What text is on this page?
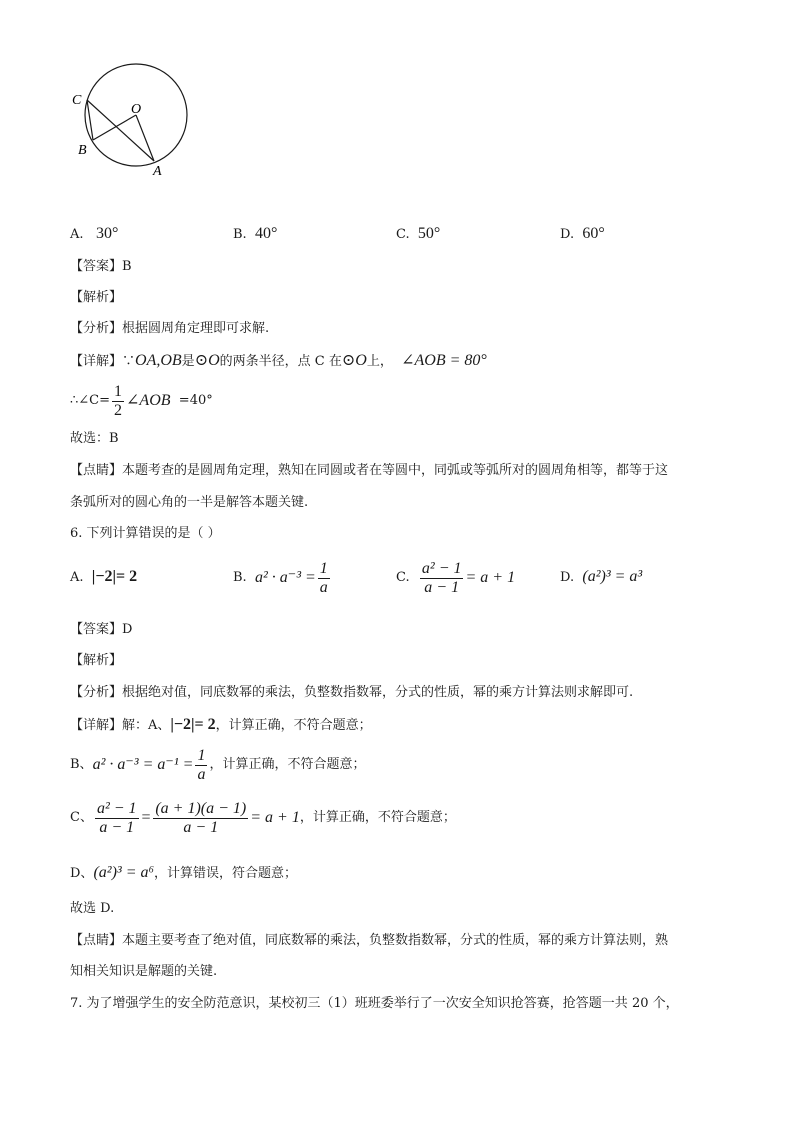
C
O
B
A
A. 30°	B. 40°	C. 50°	D. 60°
【答案】B
【解析】
【分析】根据圆周角定理即可求解.
【详解】∵OA,OB是⊙O的两条半径，点 C 在⊙O上， ∠AOB = 80°
∴∠C= $\frac{1}{2}$ ∠AOB =40°
故选：B
【点睛】本题考查的是圆周角定理，熟知在同圆或者在等圆中，同弧或等弧所对的圆周角相等，都等于这
条弧所对的圆心角的一半是解答本题关键.
6. 下列计算错误的是（ ）
A. |−2|= 2	B. $a^2 \cdot a^{-3} = \frac{1}{a}$	C. $\frac{\text{a² − 1}}{a - 1} = a + 1$	D. (a²)³ = a³
【答案】D
【解析】
【分析】根据绝对值，同底数幂的乘法，负整数指数幂，分式的性质，幂的乘方计算法则求解即可.
【详解】解：A、|−2|= 2，计算正确，不符合题意；
B、$a^2 \cdot a^{-3} = a^{-1} = \frac{1}{a}$ ，计算正确，不符合题意；
C、 $\frac{\text{a² − 1}}{a - 1} = \frac{(a + 1)(a - 1)}{a - 1} = a + 1$，计算正确，不符合题意；
D、(a²)³ = a⁶，计算错误，符合题意；
故选 D.
【点睛】本题主要考查了绝对值，同底数幂的乘法，负整数指数幂，分式的性质，幂的乘方计算法则，熟
知相关知识是解题的关键.
7. 为了增强学生的安全防范意识，某校初三（1）班班委举行了一次安全知识抢答赛，抢答题一共 20 个，
